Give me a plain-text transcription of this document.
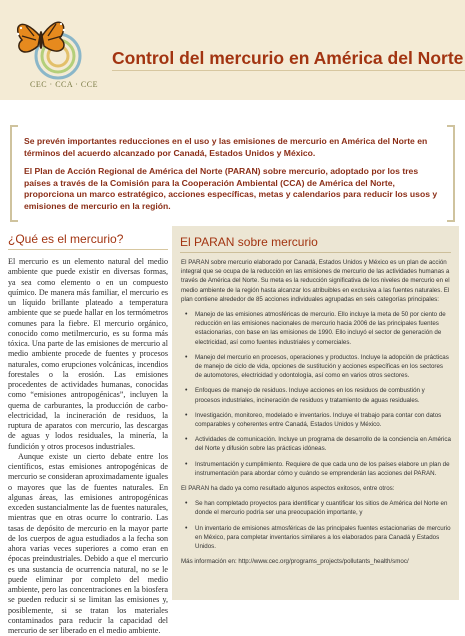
CEC · CCA · CCE
Control del mercurio en América del Norte

Se prevén importantes reducciones en el uso y las emisiones de mercurio en América del Norte en términos del acuerdo alcanzado por Canadá, Estados Unidos y México.

El Plan de Acción Regional de América del Norte (PARAN) sobre mercurio, adoptado por los tres países a través de la Comisión para la Cooperación Ambiental (CCA) de América del Norte, proporciona un marco estratégico, acciones específicas, metas y calendarios para reducir los usos y emisiones de mercurio en la región.

¿Qué es el mercurio?

El mercurio es un elemento natural del medio ambiente que puede existir en diversas formas, ya sea como elemento o en un compuesto químico. De manera más familiar, el mercurio es un líquido brillante plateado a temperatura ambiente que se puede hallar en los termómetros comunes para la fiebre. El mercurio orgánico, conocido como metilmercurio, es su forma más tóxica. Una parte de las emisiones de mercurio al medio ambiente procede de fuentes y procesos naturales, como erupciones volcánicas, incendios forestales o la erosión. Las emisiones procedentes de actividades humanas, conocidas como “emisiones antropogénicas”, incluyen la quema de carburantes, la producción de carbo-electricidad, la incineración de residuos, la ruptura de aparatos con mercurio, las descargas de aguas y lodos residuales, la minería, la fundición y otros procesos industriales.

Aunque existe un cierto debate entre los científicos, estas emisiones antropogénicas de mercurio se consideran aproximadamente iguales o mayores que las de fuentes naturales. En algunas áreas, las emisiones antropogénicas exceden sustancialmente las de fuentes naturales, mientras que en otras ocurre lo contrario. Las tasas de depósito de mercurio en la mayor parte de los cuerpos de agua estudiados a la fecha son ahora varias veces superiores a como eran en épocas preindustriales. Debido a que el mercurio es una sustancia de ocurrencia natural, no se le puede eliminar por completo del medio ambiente, pero las concentraciones en la biosfera se pueden reducir si se limitan las emisiones y, posiblemente, si se tratan los materiales contaminados para reducir la capacidad del mercurio de ser liberado en el medio ambiente.

El PARAN sobre mercurio

El PARAN sobre mercurio elaborado por Canadá, Estados Unidos y México es un plan de acción integral que se ocupa de la reducción en las emisiones de mercurio de las actividades humanas a través de América del Norte. Su meta es la reducción significativa de los niveles de mercurio en el medio ambiente de la región hasta alcanzar los atribuibles en exclusiva a las fuentes naturales. El plan contiene alrededor de 85 acciones individuales agrupadas en seis categorías principales:

• Manejo de las emisiones atmosféricas de mercurio. Ello incluye la meta de 50 por ciento de reducción en las emisiones nacionales de mercurio hacia 2006 de las principales fuentes estacionarias, con base en las emisiones de 1990. Ello incluyó el sector de generación de electricidad, así como fuentes industriales y comerciales.
• Manejo del mercurio en procesos, operaciones y productos. Incluye la adopción de prácticas de manejo de ciclo de vida, opciones de sustitución y acciones específicas en los sectores de automotores, electricidad y odontología, así como en varios otros sectores.
• Enfoques de manejo de residuos. Incluye acciones en los residuos de combustión y procesos industriales, incineración de residuos y tratamiento de aguas residuales.
• Investigación, monitoreo, modelado e inventarios. Incluye el trabajo para contar con datos comparables y coherentes entre Canadá, Estados Unidos y México.
• Actividades de comunicación. Incluye un programa de desarrollo de la conciencia en América del Norte y difusión sobre las prácticas idóneas.
• Instrumentación y cumplimiento. Requiere de que cada uno de los países elabore un plan de instrumentación para abordar cómo y cuándo se emprenderán las acciones del PARAN.

El PARAN ha dado ya como resultado algunos aspectos exitosos, entre otros:

• Se han completado proyectos para identificar y cuantificar los sitios de América del Norte en donde el mercurio podría ser una preocupación importante, y
• Un inventario de emisiones atmosféricas de las principales fuentes estacionarias de mercurio en México, para completar inventarios similares a los elaborados para Canadá y Estados Unidos.

Más información en: http://www.cec.org/programs_projects/pollutants_health/smoc/
